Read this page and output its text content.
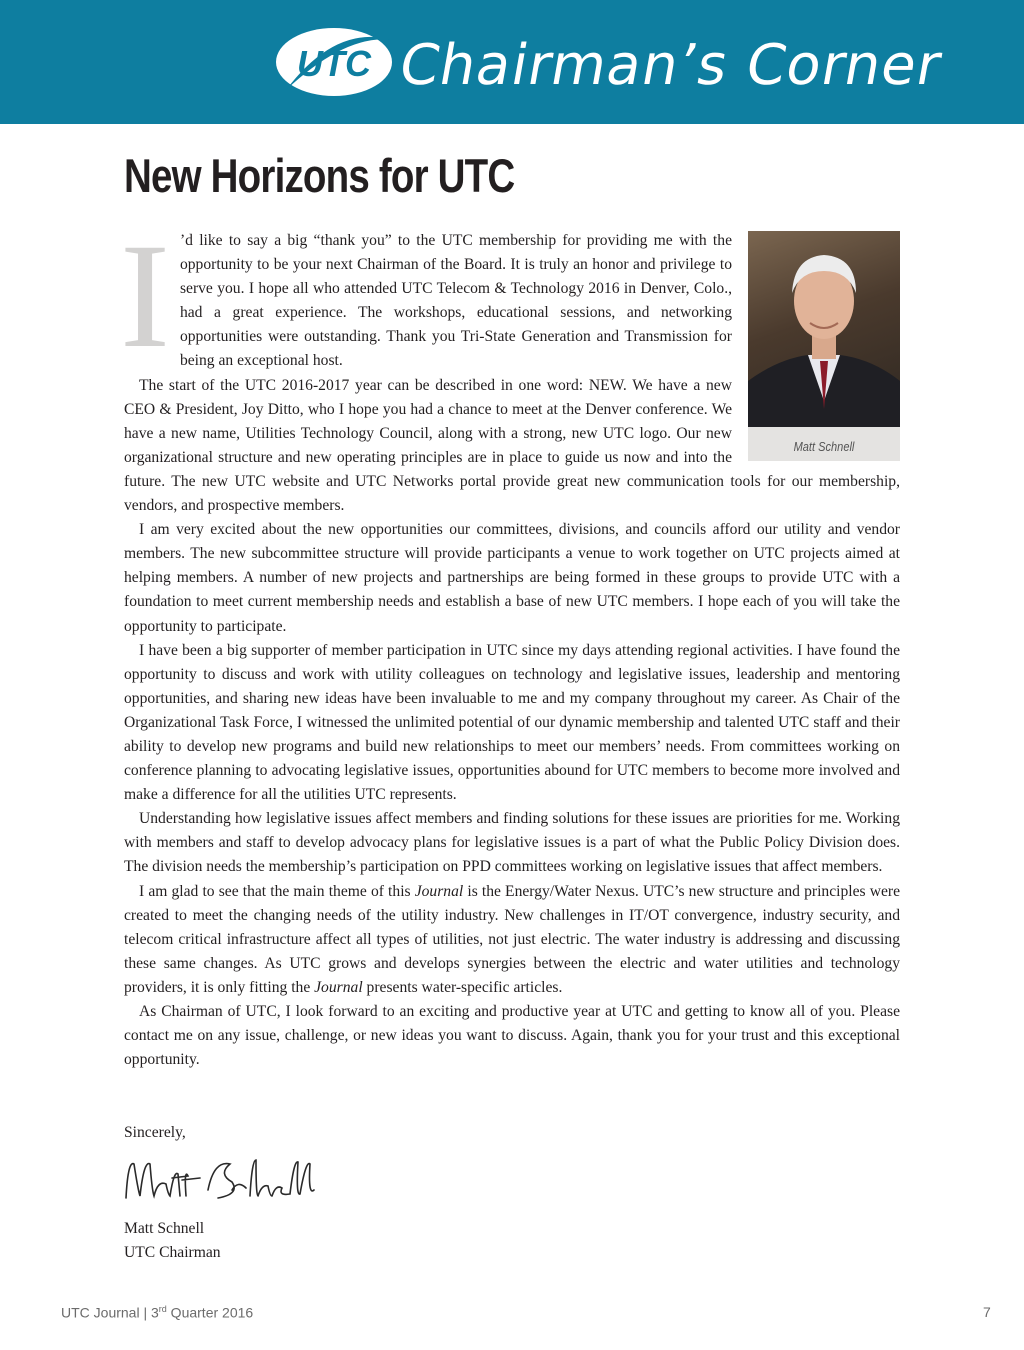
UTC Chairman’s Corner
New Horizons for UTC
Matt Schnell

I ’d like to say a big “thank you” to the UTC membership for providing me with the opportunity to be your next Chairman of the Board. It is truly an honor and privilege to serve you. I hope all who attended UTC Telecom & Technology 2016 in Denver, Colo., had a great experience. The workshops, educational sessions, and networking opportunities were outstanding. Thank you Tri-State Generation and Transmission for being an exceptional host.

The start of the UTC 2016-2017 year can be described in one word: NEW. We have a new CEO & President, Joy Ditto, who I hope you had a chance to meet at the Denver conference. We have a new name, Utilities Technology Council, along with a strong, new UTC logo. Our new organizational structure and new operating principles are in place to guide us now and into the future. The new UTC website and UTC Networks portal provide great new communication tools for our membership, vendors, and prospective members.

I am very excited about the new opportunities our committees, divisions, and councils afford our utility and vendor members. The new subcommittee structure will provide participants a venue to work together on UTC projects aimed at helping members. A number of new projects and partnerships are being formed in these groups to provide UTC with a foundation to meet current membership needs and establish a base of new UTC members. I hope each of you will take the opportunity to participate.

I have been a big supporter of member participation in UTC since my days attending regional activities. I have found the opportunity to discuss and work with utility colleagues on technology and legislative issues, leadership and mentoring opportunities, and sharing new ideas have been invaluable to me and my company throughout my career. As Chair of the Organizational Task Force, I witnessed the unlimited potential of our dynamic membership and talented UTC staff and their ability to develop new programs and build new relationships to meet our members’ needs. From committees working on conference planning to advocating legislative issues, opportunities abound for UTC members to become more involved and make a difference for all the utilities UTC represents.

Understanding how legislative issues affect members and finding solutions for these issues are priorities for me. Working with members and staff to develop advocacy plans for legislative issues is a part of what the Public Policy Division does. The division needs the membership’s participation on PPD committees working on legislative issues that affect members.

I am glad to see that the main theme of this Journal is the Energy/Water Nexus. UTC’s new structure and principles were created to meet the changing needs of the utility industry. New challenges in IT/OT convergence, industry security, and telecom critical infrastructure affect all types of utilities, not just electric. The water industry is addressing and discussing these same changes. As UTC grows and develops synergies between the electric and water utilities and technology providers, it is only fitting the Journal presents water-specific articles.

As Chairman of UTC, I look forward to an exciting and productive year at UTC and getting to know all of you. Please contact me on any issue, challenge, or new ideas you want to discuss. Again, thank you for your trust and this exceptional opportunity.

Sincerely,
Matt Schnell
UTC Chairman
UTC Journal | 3rd Quarter 2016	7
